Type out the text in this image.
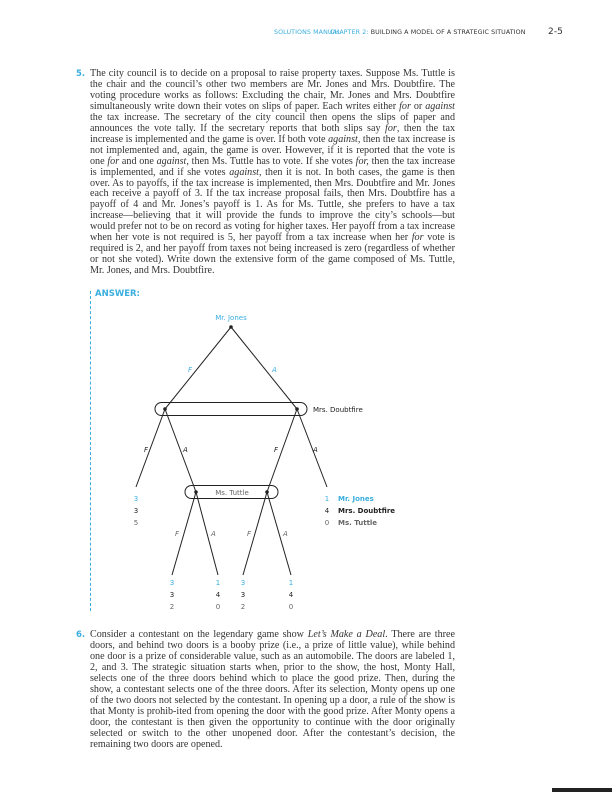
SOLUTIONS MANUAL
CHAPTER 2: BUILDING A MODEL OF A STRATEGIC SITUATION 2-5
5. The city council is to decide on a proposal to raise property taxes. Suppose Ms. Tuttle is the chair and the council’s other two members are Mr. Jones and Mrs. Doubtfire. The voting procedure works as follows: Excluding the chair, Mr. Jones and Mrs. Doubtfire simultaneously write down their votes on slips of paper. Each writes either for or against the tax increase. The secretary of the city council then opens the slips of paper and announces the vote tally. If the secretary reports that both slips say for, then the tax increase is implemented and the game is over. If both vote against, then the tax increase is not implemented and, again, the game is over. However, if it is reported that the vote is one for and one against, then Ms. Tuttle has to vote. If she votes for, then the tax increase is implemented, and if she votes against, then it is not. In both cases, the game is then over. As to payoffs, if the tax increase is implemented, then Mrs. Doubtfire and Mr. Jones each receive a payoff of 3. If the tax increase proposal fails, then Mrs. Doubtfire has a payoff of 4 and Mr. Jones’s payoff is 1. As for Ms. Tuttle, she prefers to have a tax increase—believing that it will provide the funds to improve the city’s schools—but would prefer not to be on record as voting for higher taxes. Her payoff from a tax increase when her vote is not required is 5, her payoff from a tax increase when her for vote is required is 2, and her payoff from taxes not being increased is zero (regardless of whether or not she voted). Write down the extensive form of the game composed of Ms. Tuttle, Mr. Jones, and Mrs. Doubtfire.
ANSWER:
Mr. Jones
Mrs. Doubtfire
Ms. Tuttle
F	A
F	A	F	A
F	A	F	A
3
3
5
1
4
0
3
3
2
1
4
0
3
3
2
1
4
0
Mr. Jones
Mrs. Doubtfire
Ms. Tuttle
6. Consider a contestant on the legendary game show Let’s Make a Deal. There are three doors, and behind two doors is a booby prize (i.e., a prize of little value), while behind one door is a prize of considerable value, such as an automobile. The doors are labeled 1, 2, and 3. The strategic situation starts when, prior to the show, the host, Monty Hall, selects one of the three doors behind which to place the good prize. Then, during the show, a contestant selects one of the three doors. After its selection, Monty opens up one of the two doors not selected by the contestant. In opening up a door, a rule of the show is that Monty is prohib-ited from opening the door with the good prize. After Monty opens a door, the contestant is then given the opportunity to continue with the door originally selected or switch to the other unopened door. After the contestant’s decision, the remaining two doors are opened.
